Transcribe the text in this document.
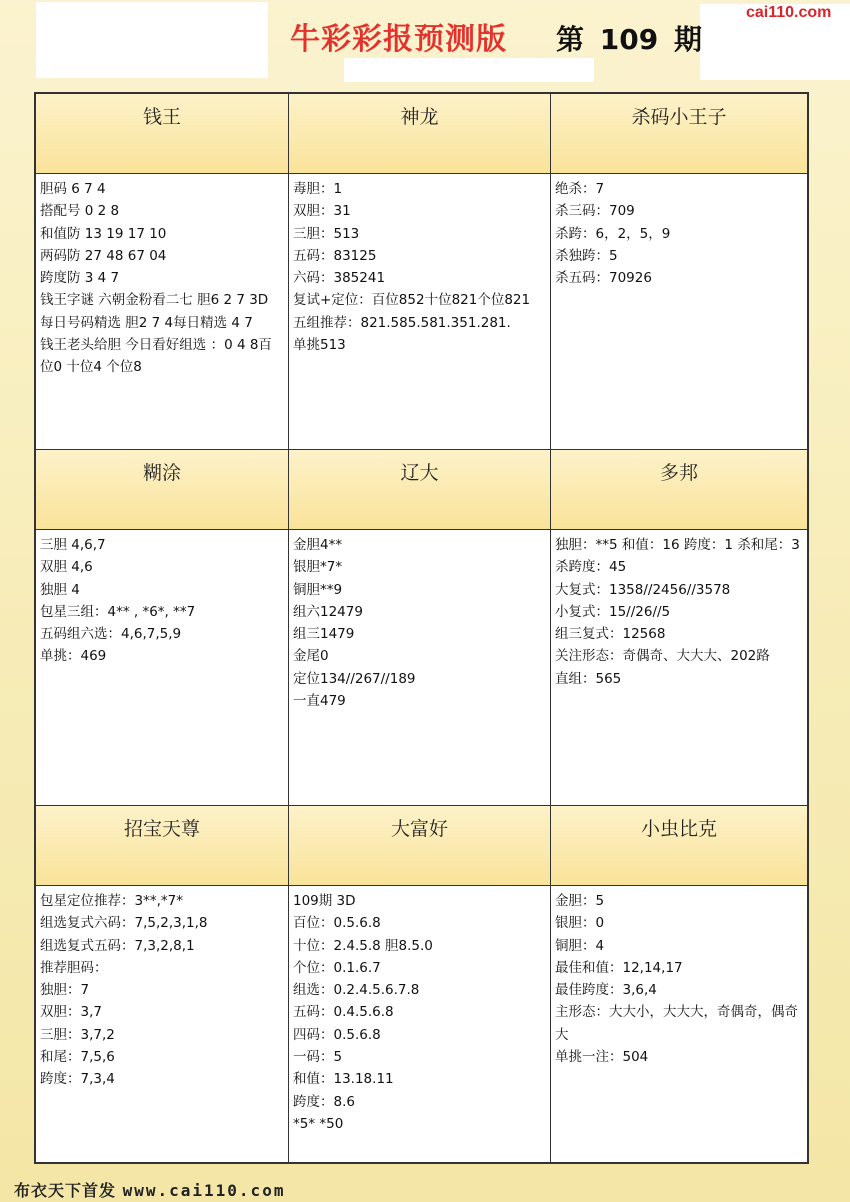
牛彩彩报预测版 第 109 期
cai110.com
钱王
胆码 6 7 4
搭配号 0 2 8
和值防 13 19 17 10
两码防 27 48 67 04
跨度防 3 4 7
钱王字谜 六朝金粉看二七 胆6 2 7 3D 每日号码精选 胆2 7 4每日精选 4 7
钱王老头给胆 今日看好组选 ：0 4 8百位0 十位4 个位8
神龙
毒胆：1
双胆：31
三胆：513
五码：83125
六码：385241
复试+定位：百位852十位821个位821
五组推荐：821.585.581.351.281.
单挑513
杀码小王子
绝杀：7
杀三码：709
杀跨：6，2，5，9
杀独跨：5
杀五码：70926
糊涂
三胆 4,6,7
双胆 4,6
独胆 4
包星三组：4** , *6*, **7
五码组六选：4,6,7,5,9
单挑：469
辽大
金胆4**
银胆*7*
铜胆**9
组六12479
组三1479
金尾0
定位134//267//189
一直479
多邦
独胆：**5 和值：16 跨度：1 杀和尾：3 杀跨度：45
大复式：1358//2456//3578
小复式：15//26//5
组三复式：12568
关注形态：奇偶奇、大大大、202路
直组：565
招宝天尊
包星定位推荐：3**,*7*
组选复式六码：7,5,2,3,1,8
组选复式五码：7,3,2,8,1
推荐胆码：
独胆：7
双胆：3,7
三胆：3,7,2
和尾：7,5,6
跨度：7,3,4
大富好
109期 3D
百位：0.5.6.8
十位：2.4.5.8 胆8.5.0
个位：0.1.6.7
组选：0.2.4.5.6.7.8
五码：0.4.5.6.8
四码：0.5.6.8
一码：5
和值：13.18.11
跨度：8.6
*5* *50
小虫比克
金胆：5
银胆：0
铜胆：4
最佳和值：12,14,17
最佳跨度：3,6,4
主形态：大大小，大大大，奇偶奇，偶奇大
单挑一注：504
布衣天下首发 www.cai110.com
